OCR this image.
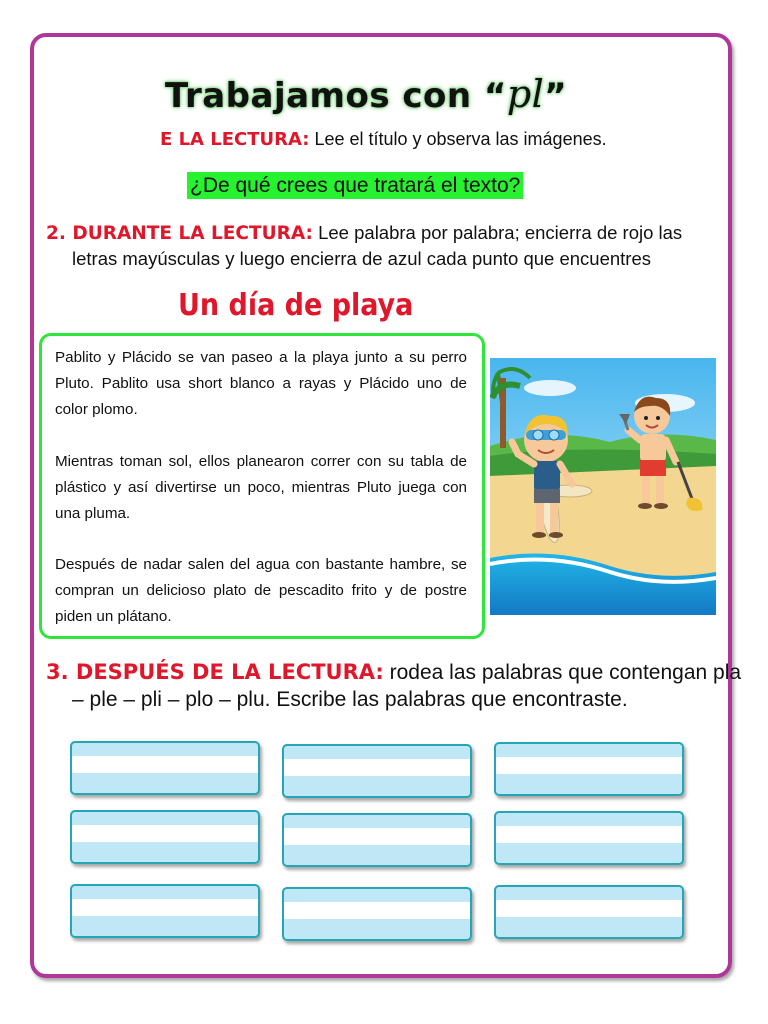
Trabajamos con “pl”
E LA LECTURA: Lee el título y observa las imágenes.
¿De qué crees que tratará el texto?
2. DURANTE LA LECTURA: Lee palabra por palabra; encierra de rojo las
letras mayúsculas y luego encierra de azul cada punto que encuentres
Un día de playa
Pablito y Plácido se van paseo a la playa junto a su perro Pluto. Pablito usa short blanco a rayas y Plácido uno de color plomo.
Mientras toman sol, ellos planearon correr con su tabla de plástico y así divertirse un poco, mientras Pluto juega con una pluma.
Después de nadar salen del agua con bastante hambre, se compran un delicioso plato de pescadito frito y de postre piden un plátano.
3. DESPUÉS DE LA LECTURA: rodea las palabras que contengan pla
– ple – pli – plo – plu. Escribe las palabras que encontraste.
